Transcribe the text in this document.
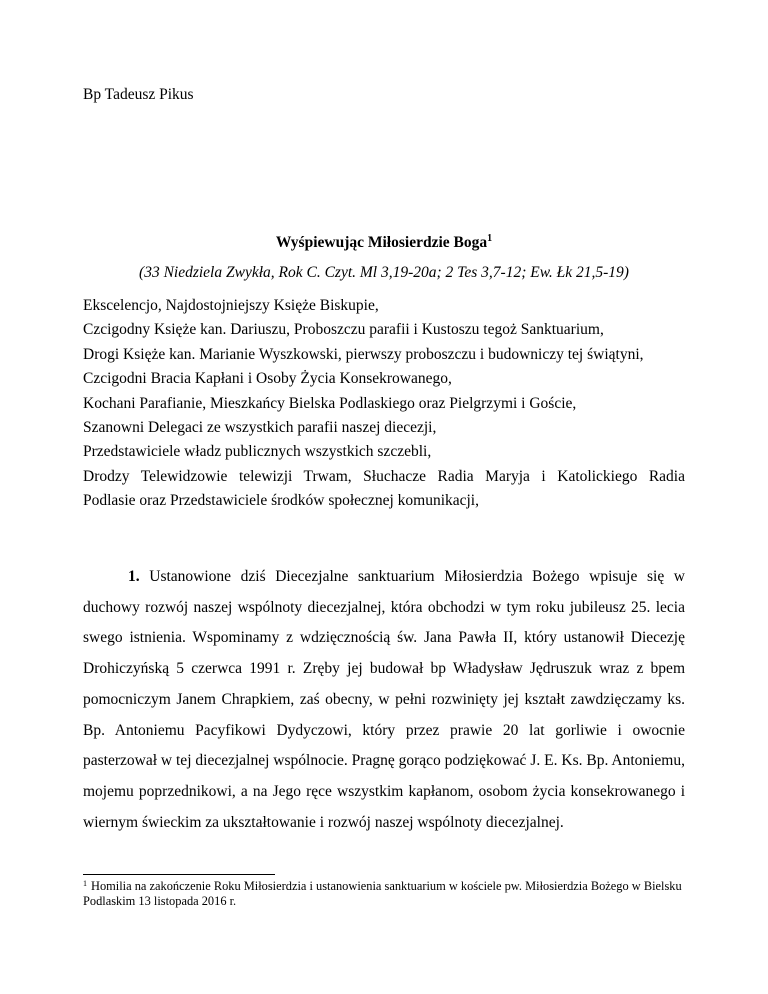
Bp Tadeusz Pikus
Wyśpiewując Miłosierdzie Boga$^1$
(33 Niedziela Zwykła, Rok C. Czyt. Ml 3,19-20a; 2 Tes 3,7-12; Ew. Łk 21,5-19)
Ekscelencjo, Najdostojniejszy Księże Biskupie,
Czcigodny Księże kan. Dariuszu, Proboszczu parafii i Kustoszu tegoż Sanktuarium,
Drogi Księże kan. Marianie Wyszkowski, pierwszy proboszczu i budowniczy tej świątyni,
Czcigodni Bracia Kapłani i Osoby Życia Konsekrowanego,
Kochani Parafianie, Mieszkańcy Bielska Podlaskiego oraz Pielgrzymi i Goście,
Szanowni Delegaci ze wszystkich parafii naszej diecezji,
Przedstawiciele władz publicznych wszystkich szczebli,
Drodzy Telewidzowie telewizji Trwam, Słuchacze Radia Maryja i Katolickiego Radia
Podlasie oraz Przedstawiciele środków społecznej komunikacji,

1. Ustanowione dziś Diecezjalne sanktuarium Miłosierdzia Bożego wpisuje się w duchowy rozwój naszej wspólnoty diecezjalnej, która obchodzi w tym roku jubileusz 25. lecia swego istnienia. Wspominamy z wdzięcznością św. Jana Pawła II, który ustanowił Diecezję Drohiczyńską 5 czerwca 1991 r. Zręby jej budował bp Władysław Jędruszuk wraz z bpem pomocniczym Janem Chrapkiem, zaś obecny, w pełni rozwinięty jej kształt zawdzięczamy ks. Bp. Antoniemu Pacyfikowi Dydyczowi, który przez prawie 20 lat gorliwie i owocnie pasterzował w tej diecezjalnej wspólnocie. Pragnę gorąco podziękować J. E. Ks. Bp. Antoniemu, mojemu poprzednikowi, a na Jego ręce wszystkim kapłanom, osobom życia konsekrowanego i wiernym świeckim za ukształtowanie i rozwój naszej wspólnoty diecezjalnej.

$^1$ Homilia na zakończenie Roku Miłosierdzia i ustanowienia sanktuarium w kościele pw. Miłosierdzia Bożego w Bielsku Podlaskim 13 listopada 2016 r.
